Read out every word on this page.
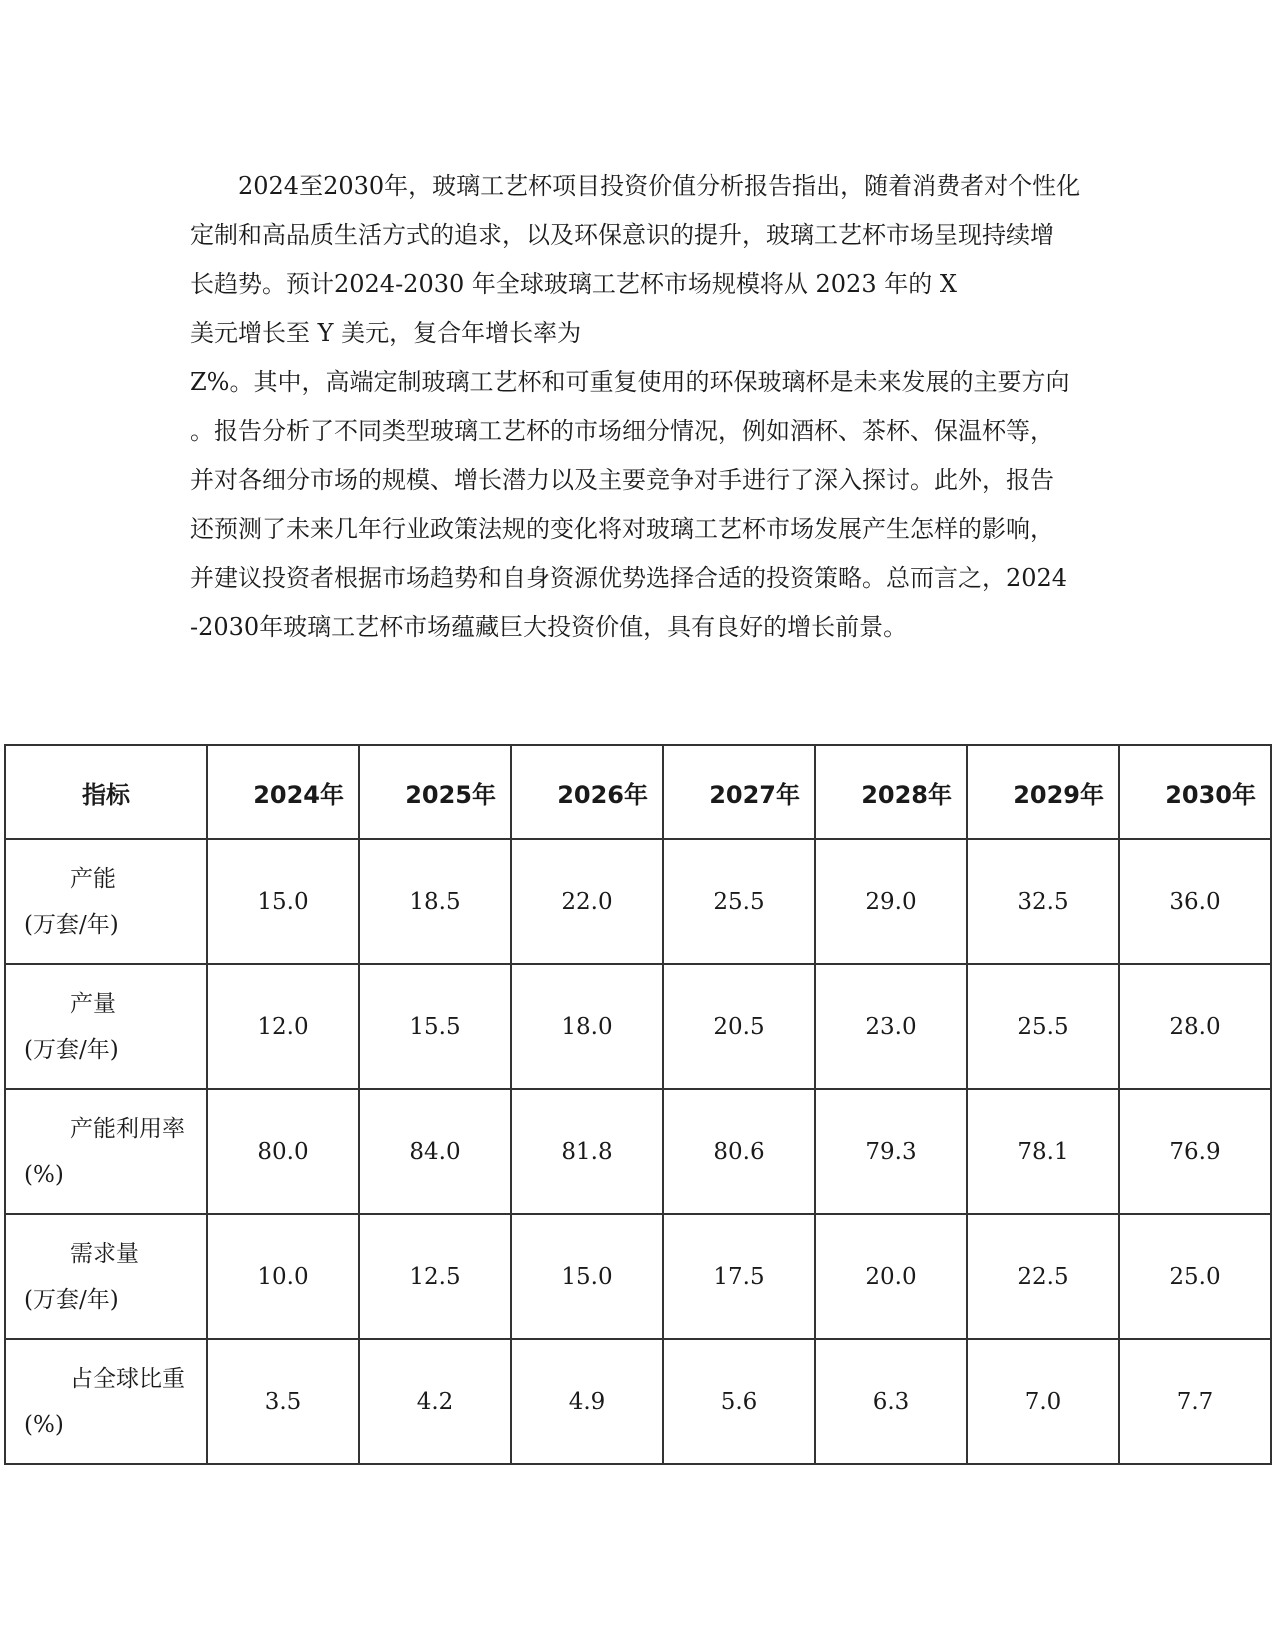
2024至2030年，玻璃工艺杯项目投资价值分析报告指出，随着消费者对个性化
定制和高品质生活方式的追求，以及环保意识的提升，玻璃工艺杯市场呈现持续增
长趋势。预计2024-2030 年全球玻璃工艺杯市场规模将从 2023 年的 X
美元增长至 Y 美元，复合年增长率为
Z%。其中，高端定制玻璃工艺杯和可重复使用的环保玻璃杯是未来发展的主要方向
。报告分析了不同类型玻璃工艺杯的市场细分情况，例如酒杯、茶杯、保温杯等，
并对各细分市场的规模、增长潜力以及主要竞争对手进行了深入探讨。此外，报告
还预测了未来几年行业政策法规的变化将对玻璃工艺杯市场发展产生怎样的影响，
并建议投资者根据市场趋势和自身资源优势选择合适的投资策略。总而言之，2024
-2030年玻璃工艺杯市场蕴藏巨大投资价值，具有良好的增长前景。
指标	2024年	2025年	2026年	2027年	2028年	2029年	2030年

产能
(万套/年)	15.0	18.5	22.0	25.5	29.0	32.5	36.0

产量
(万套/年)	12.0	15.5	18.0	20.5	23.0	25.5	28.0

产能利用率
(%)	80.0	84.0	81.8	80.6	79.3	78.1	76.9

需求量
(万套/年)	10.0	12.5	15.0	17.5	20.0	22.5	25.0

占全球比重
(%)	3.5	4.2	4.9	5.6	6.3	7.0	7.7
